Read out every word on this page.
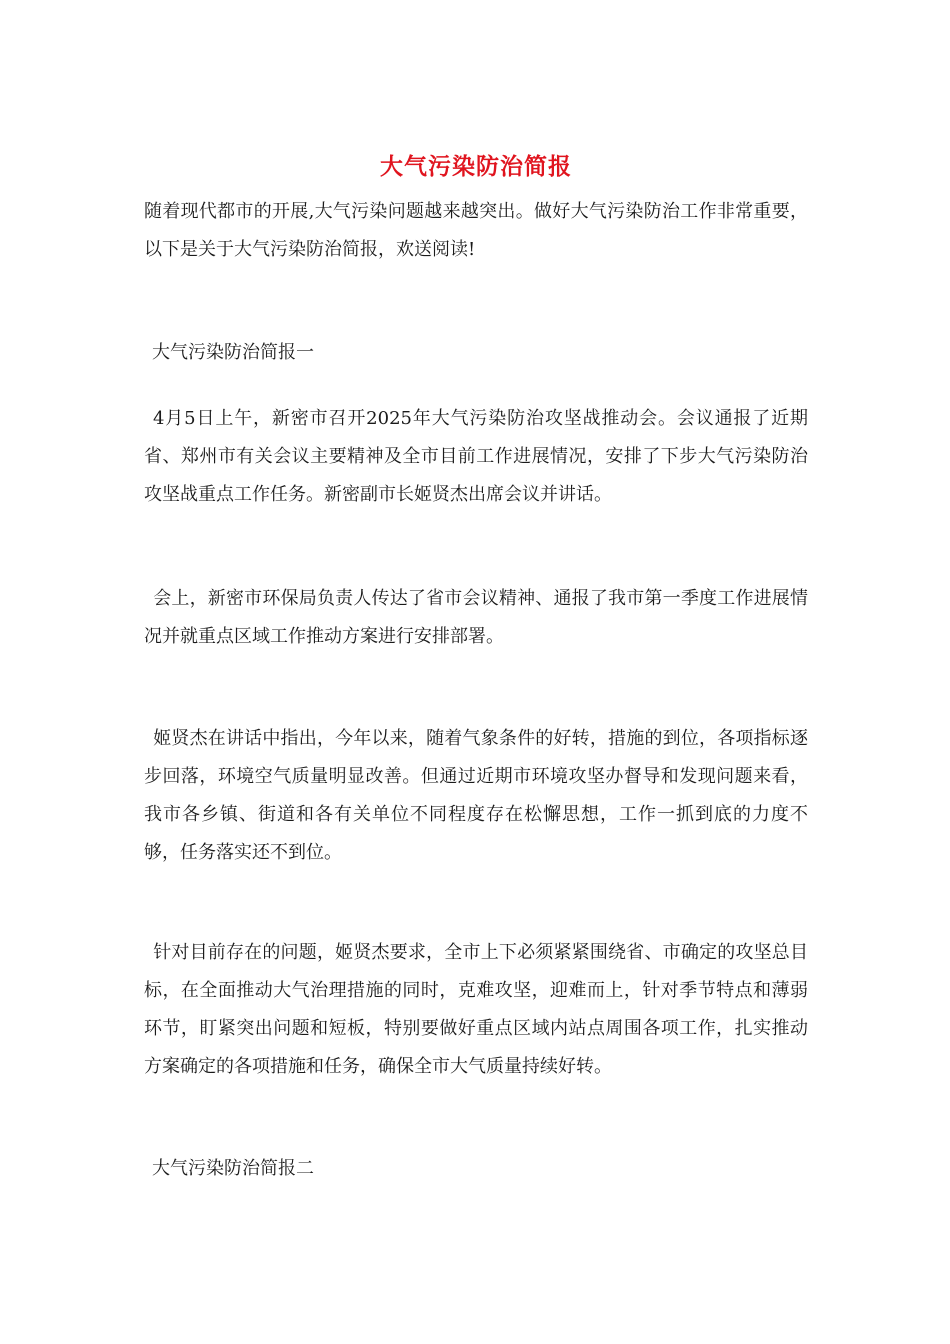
大气污染防治简报

随着现代都市的开展,大气污染问题越来越突出。做好大气污染防治工作非常重要，以下是关于大气污染防治简报，欢送阅读!

大气污染防治简报一

 4月5日上午，新密市召开2025年大气污染防治攻坚战推动会。会议通报了近期省、郑州市有关会议主要精神及全市目前工作进展情况，安排了下步大气污染防治攻坚战重点工作任务。新密副市长姬贤杰出席会议并讲话。

 会上，新密市环保局负责人传达了省市会议精神、通报了我市第一季度工作进展情况并就重点区域工作推动方案进行安排部署。

 姬贤杰在讲话中指出，今年以来，随着气象条件的好转，措施的到位，各项指标逐步回落，环境空气质量明显改善。但通过近期市环境攻坚办督导和发现问题来看，我市各乡镇、街道和各有关单位不同程度存在松懈思想，工作一抓到底的力度不够，任务落实还不到位。

 针对目前存在的问题，姬贤杰要求，全市上下必须紧紧围绕省、市确定的攻坚总目标，在全面推动大气治理措施的同时，克难攻坚，迎难而上，针对季节特点和薄弱环节，盯紧突出问题和短板，特别要做好重点区域内站点周围各项工作，扎实推动方案确定的各项措施和任务，确保全市大气质量持续好转。

大气污染防治简报二
